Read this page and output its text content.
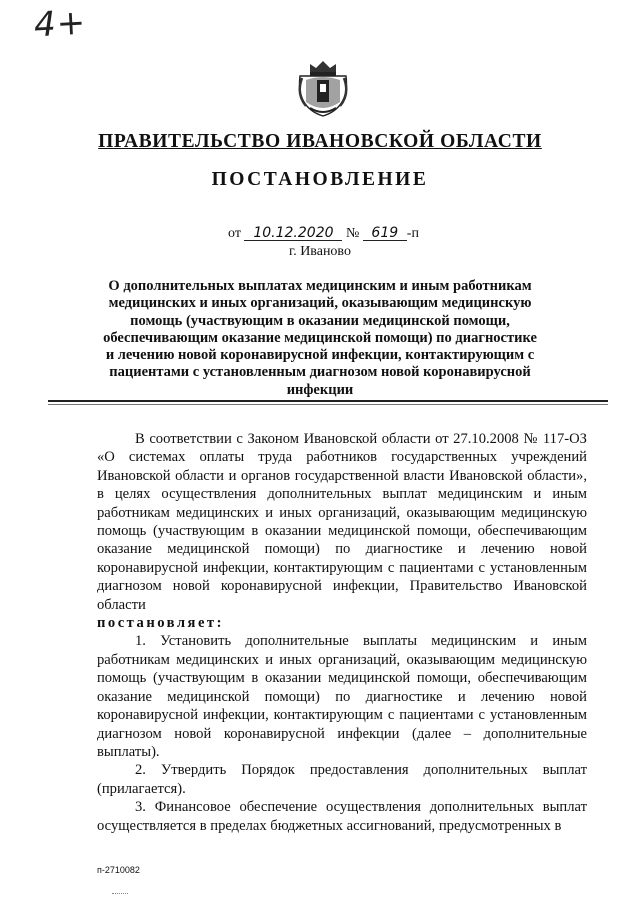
4+
ПРАВИТЕЛЬСТВО ИВАНОВСКОЙ ОБЛАСТИ
ПОСТАНОВЛЕНИЕ
от 10.12.2020 № 619 -п
г. Иваново
О дополнительных выплатах медицинским и иным работникам медицинских и иных организаций, оказывающим медицинскую помощь (участвующим в оказании медицинской помощи, обеспечивающим оказание медицинской помощи) по диагностике и лечению новой коронавирусной инфекции, контактирующим с пациентами с установленным диагнозом новой коронавирусной инфекции

В соответствии с Законом Ивановской области от 27.10.2008 № 117-ОЗ «О системах оплаты труда работников государственных учреждений Ивановской области и органов государственной власти Ивановской области», в целях осуществления дополнительных выплат медицинским и иным работникам медицинских и иных организаций, оказывающим медицинскую помощь (участвующим в оказании медицинской помощи, обеспечивающим оказание медицинской помощи) по диагностике и лечению новой коронавирусной инфекции, контактирующим с пациентами с установленным диагнозом новой коронавирусной инфекции, Правительство Ивановской области

постановляет:

1. Установить дополнительные выплаты медицинским и иным работникам медицинских и иных организаций, оказывающим медицинскую помощь (участвующим в оказании медицинской помощи, обеспечивающим оказание медицинской помощи) по диагностике и лечению новой коронавирусной инфекции, контактирующим с пациентами с установленным диагнозом новой коронавирусной инфекции (далее – дополнительные выплаты).

2. Утвердить Порядок предоставления дополнительных выплат (прилагается).

3. Финансовое обеспечение осуществления дополнительных выплат осуществляется в пределах бюджетных ассигнований, предусмотренных в

п-2710082
